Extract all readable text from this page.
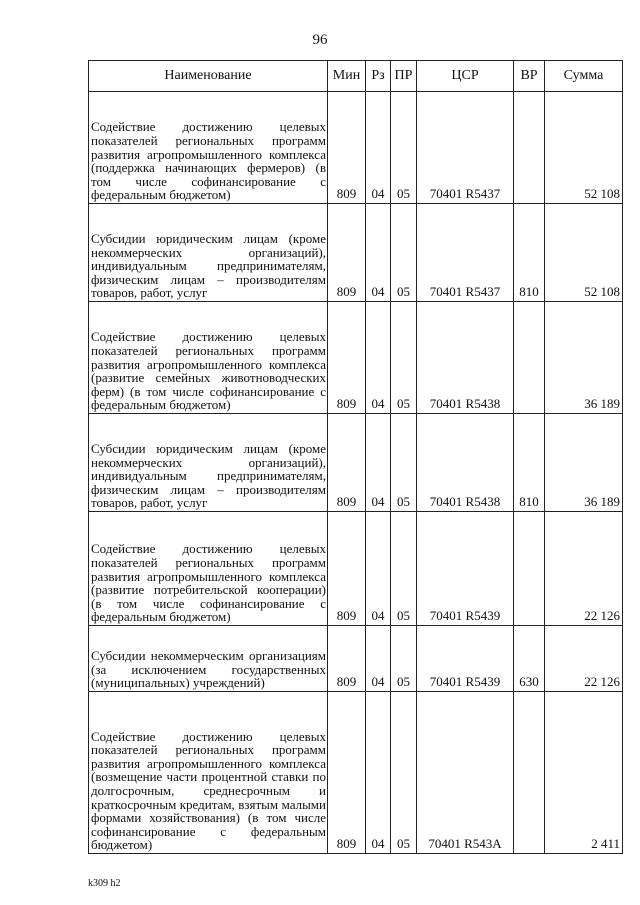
96
Наименование	Мин	Рз	ПР	ЦСР	ВР	Сумма
Содействие достижению целевых показателей региональных программ развития агропромышленного комплекса (поддержка начинающих фермеров) (в том числе софинансирование с федеральным бюджетом)	809	04	05	70401 R5437		52 108
Субсидии юридическим лицам (кроме некоммерческих организаций), индивидуальным предпринимателям, физическим лицам – производителям товаров, работ, услуг	809	04	05	70401 R5437	810	52 108
Содействие достижению целевых показателей региональных программ развития агропромышленного комплекса (развитие семейных животноводческих ферм) (в том числе софинансирование с федеральным бюджетом)	809	04	05	70401 R5438		36 189
Субсидии юридическим лицам (кроме некоммерческих организаций), индивидуальным предпринимателям, физическим лицам – производителям товаров, работ, услуг	809	04	05	70401 R5438	810	36 189
Содействие достижению целевых показателей региональных программ развития агропромышленного комплекса (развитие потребительской кооперации) (в том числе софинансирование с федеральным бюджетом)	809	04	05	70401 R5439		22 126
Субсидии некоммерческим организациям (за исключением государственных (муниципальных) учреждений)	809	04	05	70401 R5439	630	22 126
Содействие достижению целевых показателей региональных программ развития агропромышленного комплекса (возмещение части процентной ставки по долгосрочным, среднесрочным и краткосрочным кредитам, взятым малыми формами хозяйствования) (в том числе софинансирование с федеральным бюджетом)	809	04	05	70401 R543А		2 411
k309 h2
